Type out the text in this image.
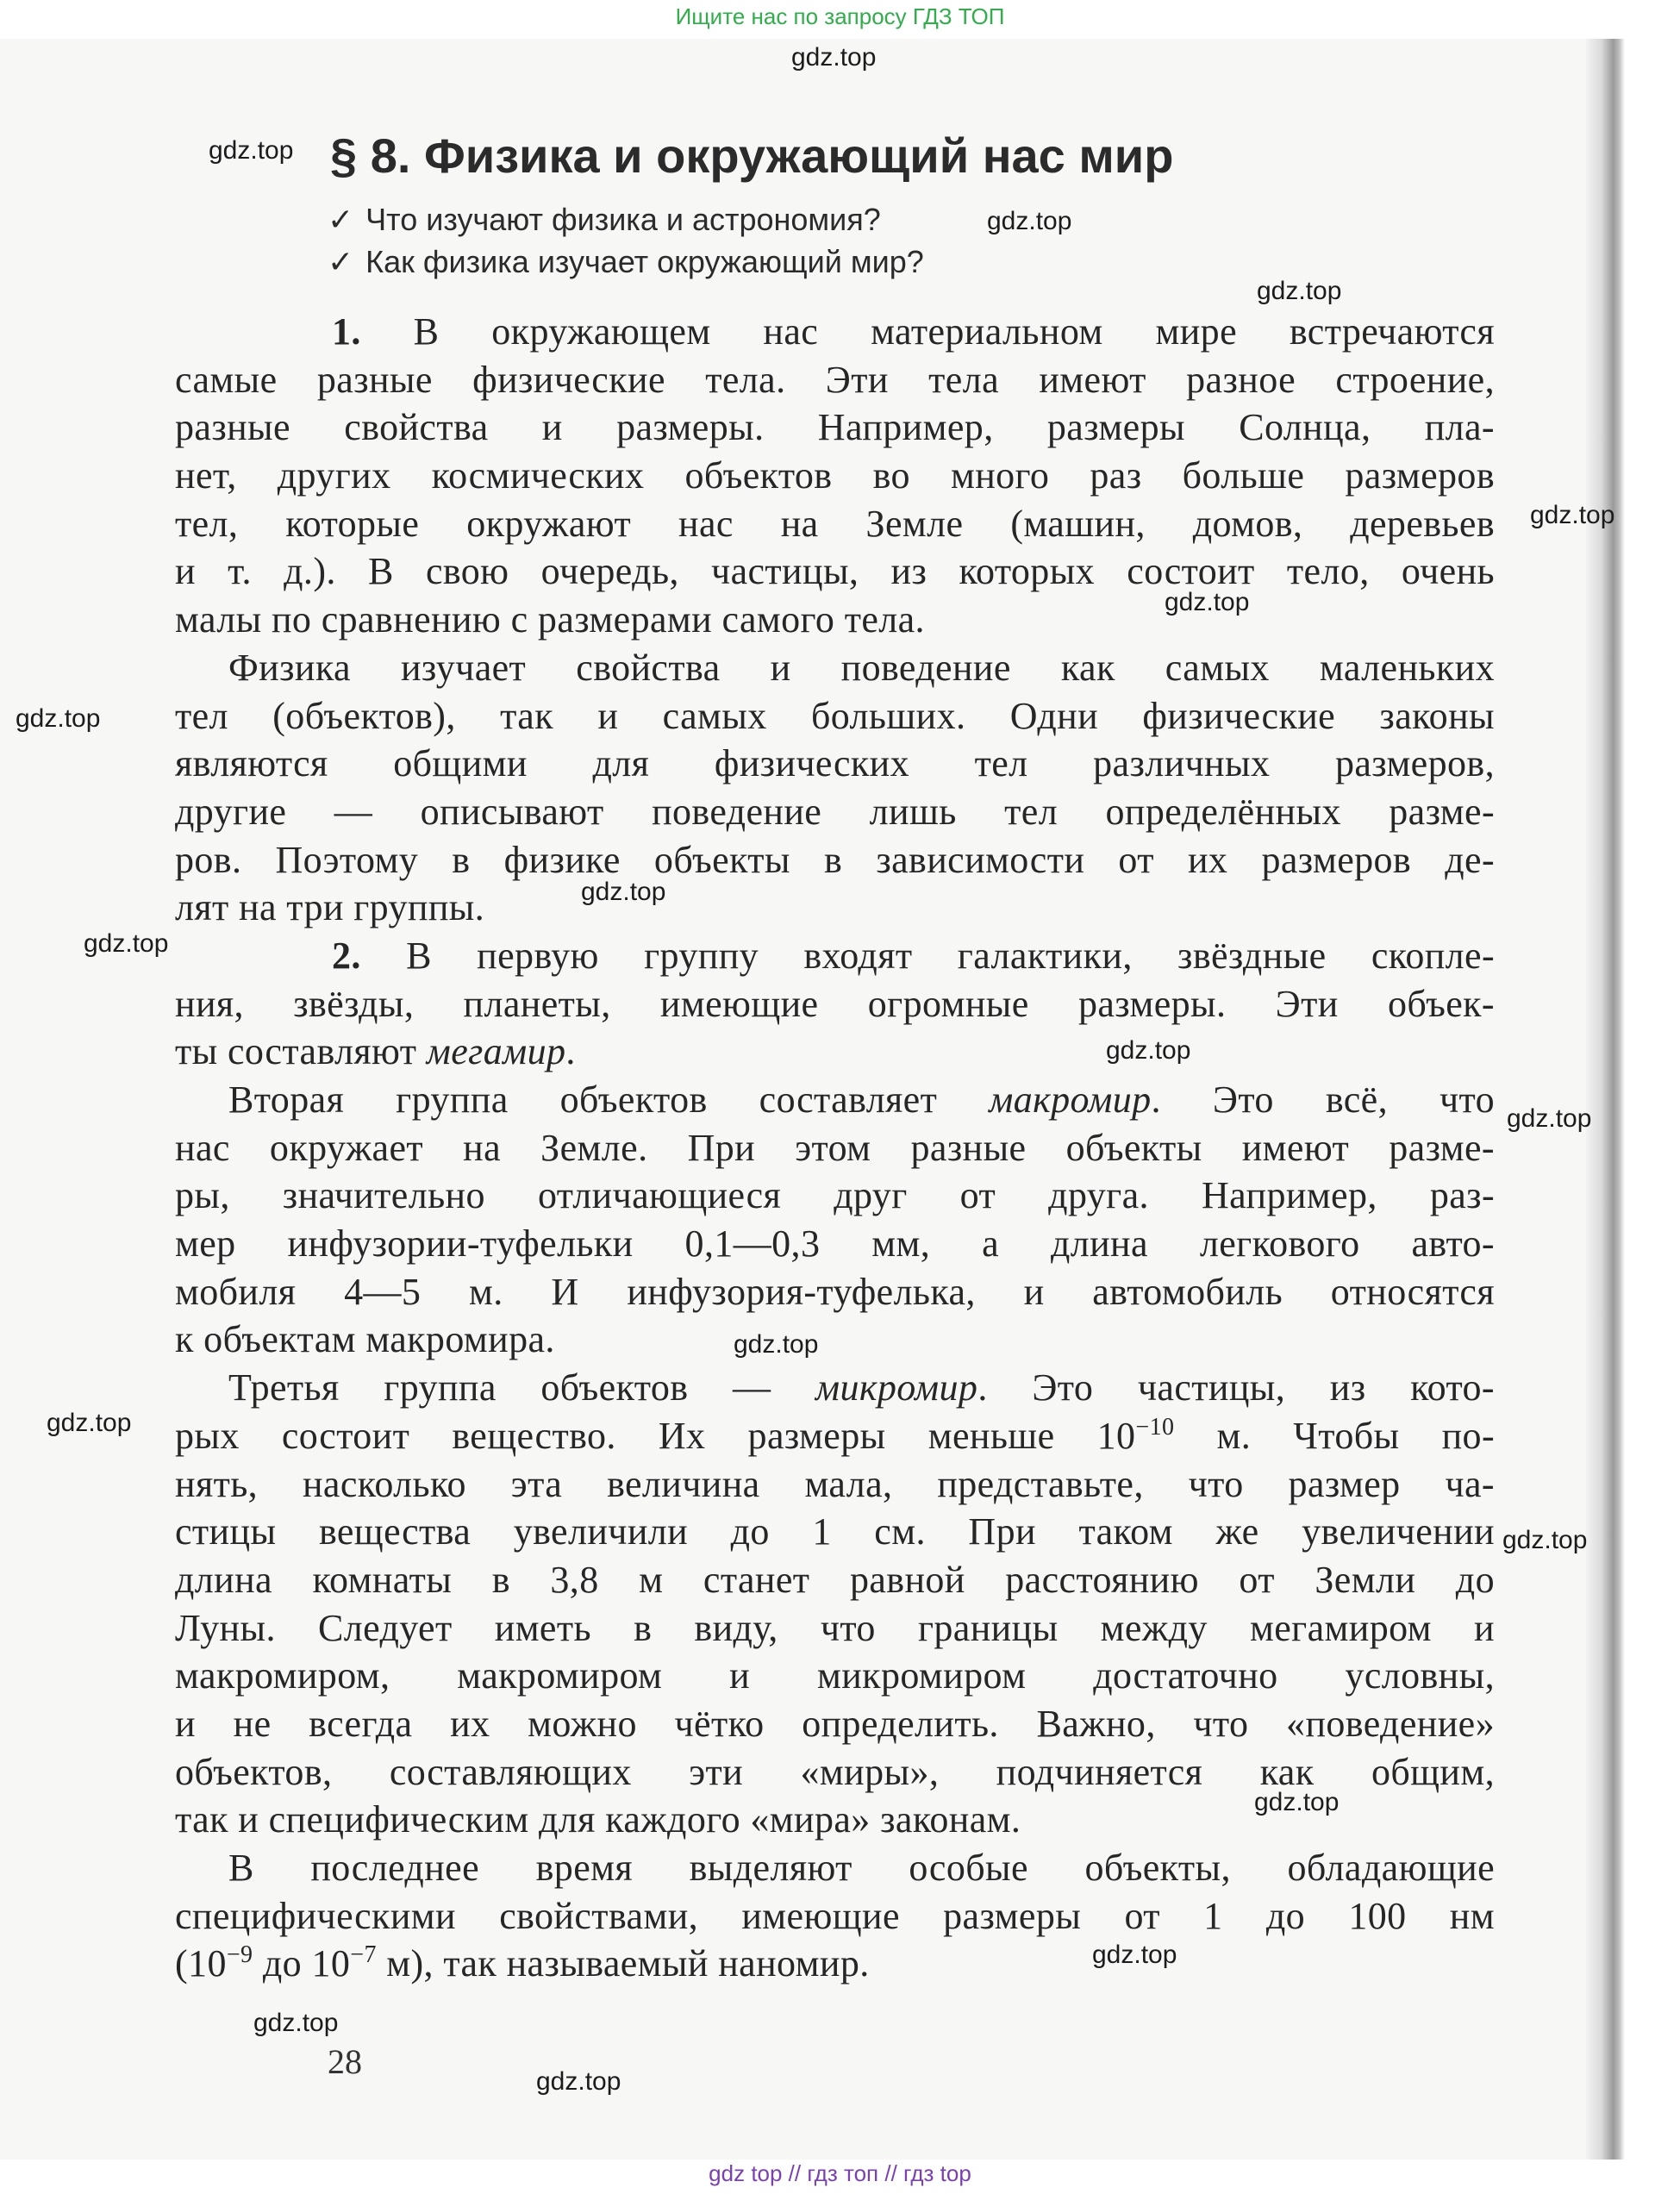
Ищите нас по запросу ГДЗ ТОП
§ 8. Физика и окружающий нас мир
✓ Что изучают физика и астрономия?
✓ Как физика изучает окружающий мир?
1. В окружающем нас материальном мире встречаются
самые разные физические тела. Эти тела имеют разное строение,
разные свойства и размеры. Например, размеры Солнца, пла-
нет, других космических объектов во много раз больше размеров
тел, которые окружают нас на Земле (машин, домов, деревьев
и т. д.). В свою очередь, частицы, из которых состоит тело, очень
малы по сравнению с размерами самого тела.
Физика изучает свойства и поведение как самых маленьких
тел (объектов), так и самых больших. Одни физические законы
являются общими для физических тел различных размеров,
другие — описывают поведение лишь тел определённых разме-
ров. Поэтому в физике объекты в зависимости от их размеров де-
лят на три группы.
2. В первую группу входят галактики, звёздные скопле-
ния, звёзды, планеты, имеющие огромные размеры. Эти объек-
ты составляют мегамир.
Вторая группа объектов составляет макромир. Это всё, что
нас окружает на Земле. При этом разные объекты имеют разме-
ры, значительно отличающиеся друг от друга. Например, раз-
мер инфузории-туфельки 0,1—0,3 мм, а длина легкового авто-
мобиля 4—5 м. И инфузория-туфелька, и автомобиль относятся
к объектам макромира.
Третья группа объектов — микромир. Это частицы, из кото-
рых состоит вещество. Их размеры меньше $10^{-10}$ м. Чтобы по-
нять, насколько эта величина мала, представьте, что размер ча-
стицы вещества увеличили до 1 см. При таком же увеличении
длина комнаты в 3,8 м станет равной расстоянию от Земли до
Луны. Следует иметь в виду, что границы между мегамиром и
макромиром, макромиром и микромиром достаточно условны,
и не всегда их можно чётко определить. Важно, что «поведение»
объектов, составляющих эти «миры», подчиняется как общим,
так и специфическим для каждого «мира» законам.
В последнее время выделяют особые объекты, обладающие
специфическими свойствами, имеющие размеры от 1 до 100 нм
($10^{-9}$ до $10^{-7}$ м), так называемый наномир.
28
gdz top // гдз топ // гдз top
gdz.top
gdz.top
gdz.top
gdz.top
gdz.top
gdz.top
gdz.top
gdz.top
gdz.top
gdz.top
gdz.top
gdz.top
gdz.top
gdz.top
gdz.top
gdz.top
gdz.top
gdz.top
